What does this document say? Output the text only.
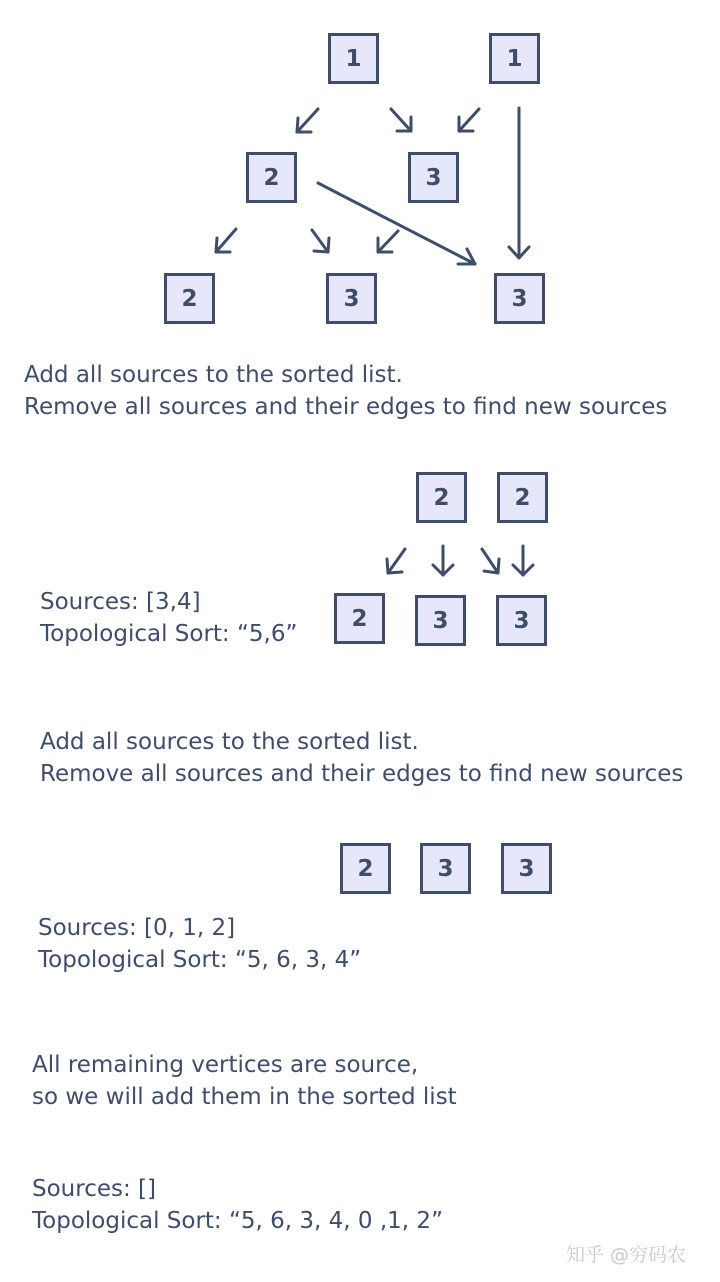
1	1
2	3
2	3	3
Add all sources to the sorted list.
Remove all sources and their edges to find new sources
2	2
2	3	3
Sources: [3,4]
Topological Sort: “5,6”
Add all sources to the sorted list.
Remove all sources and their edges to find new sources
2	3	3
Sources: [0, 1, 2]
Topological Sort: “5, 6, 3, 4”
All remaining vertices are source,
so we will add them in the sorted list
Sources: []
Topological Sort: “5, 6, 3, 4, 0 ,1, 2”
知乎 @穷码农
